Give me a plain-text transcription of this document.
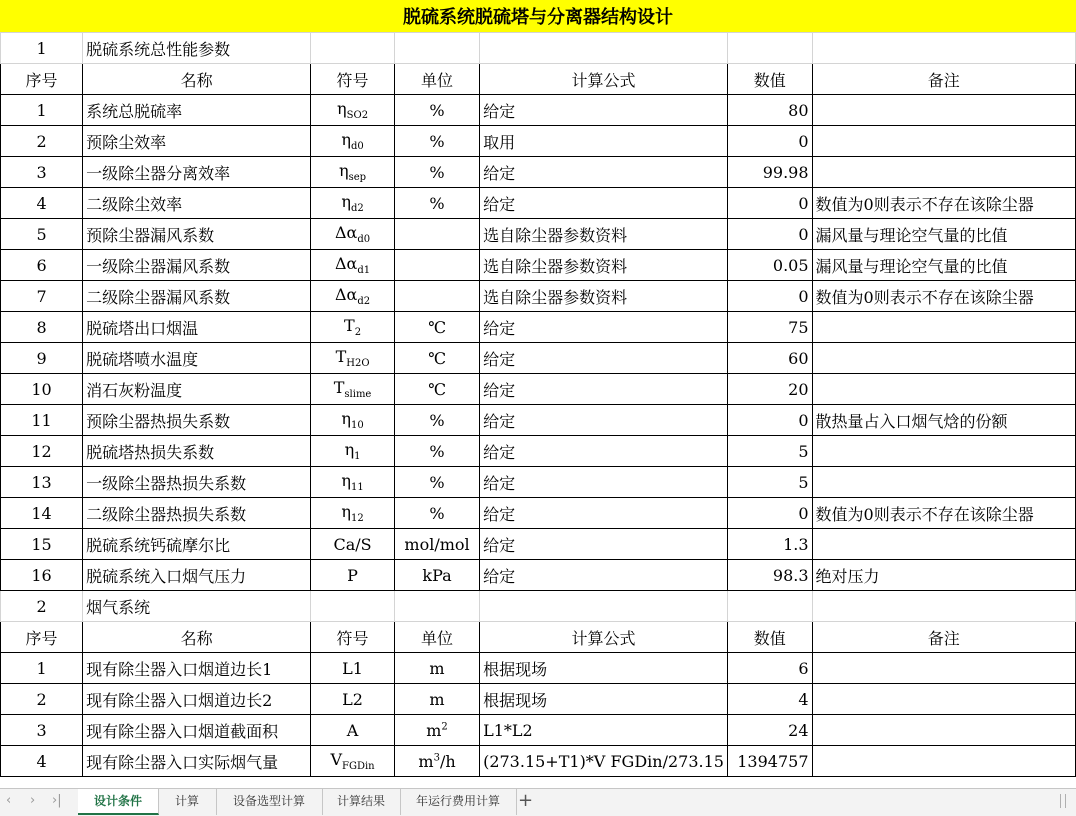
脱硫系统脱硫塔与分离器结构设计
1	脱硫系统总性能参数					
序号	名称	符号	单位	计算公式	数值	备注
1	系统总脱硫率	$\eta_{SO2}$	%	给定	80	
2	预除尘效率	$\eta_{d0}$	%	取用	0	
3	一级除尘器分离效率	$\eta_{sep}$	%	给定	99.98	
4	二级除尘效率	$\eta_{d2}$	%	给定	0	数值为0则表示不存在该除尘器
5	预除尘器漏风系数	$\Delta\alpha_{d0}$		选自除尘器参数资料	0	漏风量与理论空气量的比值
6	一级除尘器漏风系数	$\Delta\alpha_{d1}$		选自除尘器参数资料	0.05	漏风量与理论空气量的比值
7	二级除尘器漏风系数	$\Delta\alpha_{d2}$		选自除尘器参数资料	0	数值为0则表示不存在该除尘器
8	脱硫塔出口烟温	$T_2$	℃	给定	75	
9	脱硫塔喷水温度	$T_{H2O}$	℃	给定	60	
10	消石灰粉温度	$T_{slime}$	℃	给定	20	
11	预除尘器热损失系数	$\eta_{10}$	%	给定	0	散热量占入口烟气焓的份额
12	脱硫塔热损失系数	$\eta_1$	%	给定	5	
13	一级除尘器热损失系数	$\eta_{11}$	%	给定	5	
14	二级除尘器热损失系数	$\eta_{12}$	%	给定	0	数值为0则表示不存在该除尘器
15	脱硫系统钙硫摩尔比	Ca/S	mol/mol	给定	1.3	
16	脱硫系统入口烟气压力	P	kPa	给定	98.3	绝对压力
2	烟气系统					
序号	名称	符号	单位	计算公式	数值	备注
1	现有除尘器入口烟道边长1	L1	m	根据现场	6	
2	现有除尘器入口烟道边长2	L2	m	根据现场	4	
3	现有除尘器入口烟道截面积	A	$m^2$	L1*L2	24	
4	现有除尘器入口实际烟气量	$V_{FGDin}$	$m^3/h$	(273.15+T1)*V FGDin/273.15	1394757	
‹ › ›|	设计条件	计算	设备选型计算	计算结果	年运行费用计算	+
